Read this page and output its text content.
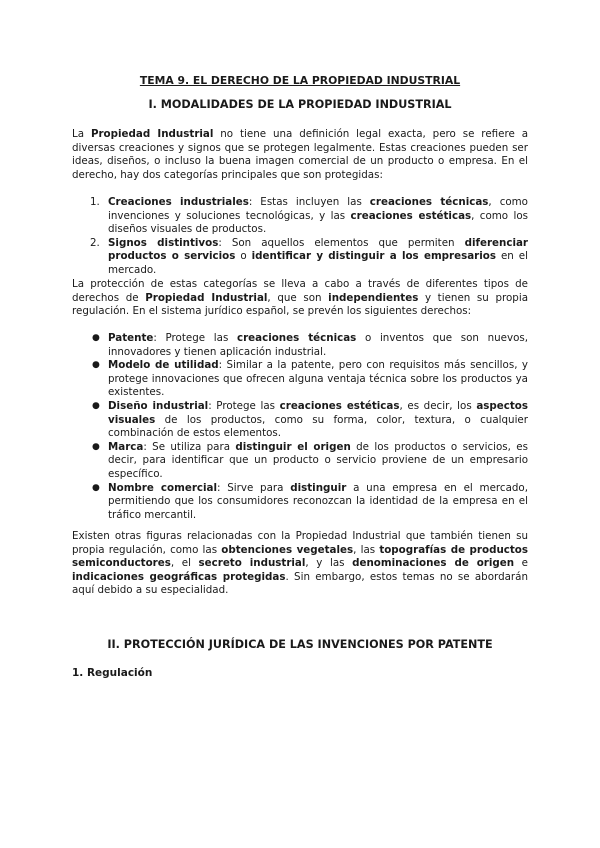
TEMA 9. EL DERECHO DE LA PROPIEDAD INDUSTRIAL
I. MODALIDADES DE LA PROPIEDAD INDUSTRIAL

La Propiedad Industrial no tiene una definición legal exacta, pero se refiere a diversas creaciones y signos que se protegen legalmente. Estas creaciones pueden ser ideas, diseños, o incluso la buena imagen comercial de un producto o empresa. En el derecho, hay dos categorías principales que son protegidas:

1. Creaciones industriales: Estas incluyen las creaciones técnicas, como invenciones y soluciones tecnológicas, y las creaciones estéticas, como los diseños visuales de productos.
2. Signos distintivos: Son aquellos elementos que permiten diferenciar productos o servicios o identificar y distinguir a los empresarios en el mercado.

La protección de estas categorías se lleva a cabo a través de diferentes tipos de derechos de Propiedad Industrial, que son independientes y tienen su propia regulación. En el sistema jurídico español, se prevén los siguientes derechos:

● Patente: Protege las creaciones técnicas o inventos que son nuevos, innovadores y tienen aplicación industrial.
● Modelo de utilidad: Similar a la patente, pero con requisitos más sencillos, y protege innovaciones que ofrecen alguna ventaja técnica sobre los productos ya existentes.
● Diseño industrial: Protege las creaciones estéticas, es decir, los aspectos visuales de los productos, como su forma, color, textura, o cualquier combinación de estos elementos.
● Marca: Se utiliza para distinguir el origen de los productos o servicios, es decir, para identificar que un producto o servicio proviene de un empresario específico.
● Nombre comercial: Sirve para distinguir a una empresa en el mercado, permitiendo que los consumidores reconozcan la identidad de la empresa en el tráfico mercantil.

Existen otras figuras relacionadas con la Propiedad Industrial que también tienen su propia regulación, como las obtenciones vegetales, las topografías de productos semiconductores, el secreto industrial, y las denominaciones de origen e indicaciones geográficas protegidas. Sin embargo, estos temas no se abordarán aquí debido a su especialidad.

II. PROTECCIÓN JURÍDICA DE LAS INVENCIONES POR PATENTE
1. Regulación
